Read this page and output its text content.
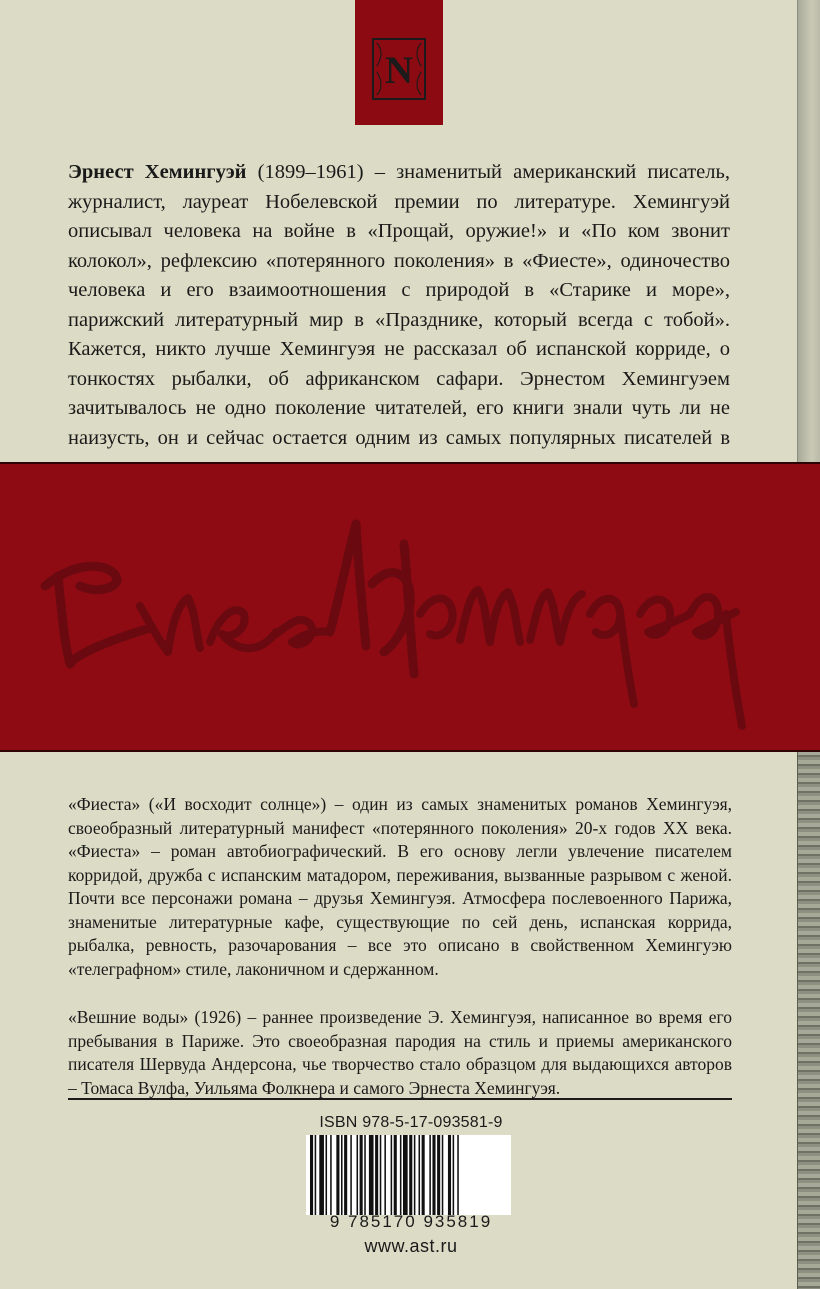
N

Эрнест Хемингуэй (1899–1961) – знаменитый американский писатель, журналист, лауреат Нобелевской премии по литературе. Хемингуэй описывал человека на войне в «Прощай, оружие!» и «По ком звонит колокол», рефлексию «потерянного поколения» в «Фиесте», одиночество человека и его взаимоотношения с природой в «Старике и море», парижский литературный мир в «Празднике, который всегда с тобой». Кажется, никто лучше Хемингуэя не рассказал об испанской корриде, о тонкостях рыбалки, об африканском сафари. Эрнестом Хемингуэем зачитывалось не одно поколение читателей, его книги знали чуть ли не наизусть, он и сейчас остается одним из самых популярных писателей в

«Фиеста» («И восходит солнце») – один из самых знаменитых романов Хемингуэя, своеобразный литературный манифест «потерянного поколения» 20-х годов XX века. «Фиеста» – роман автобиографический. В его основу легли увлечение писателем корридой, дружба с испанским матадором, переживания, вызванные разрывом с женой. Почти все персонажи романа – друзья Хемингуэя. Атмосфера послевоенного Парижа, знаменитые литературные кафе, существующие по сей день, испанская коррида, рыбалка, ревность, разочарования – все это описано в свойственном Хемингуэю «телеграфном» стиле, лаконичном и сдержанном.

«Вешние воды» (1926) – раннее произведение Э. Хемингуэя, написанное во время его пребывания в Париже. Это своеобразная пародия на стиль и приемы американского писателя Шервуда Андерсона, чье творчество стало образцом для выдающихся авторов – Томаса Вулфа, Уильяма Фолкнера и самого Эрнеста Хемингуэя.

ISBN 978-5-17-093581-9
9 785170 935819
www.ast.ru
